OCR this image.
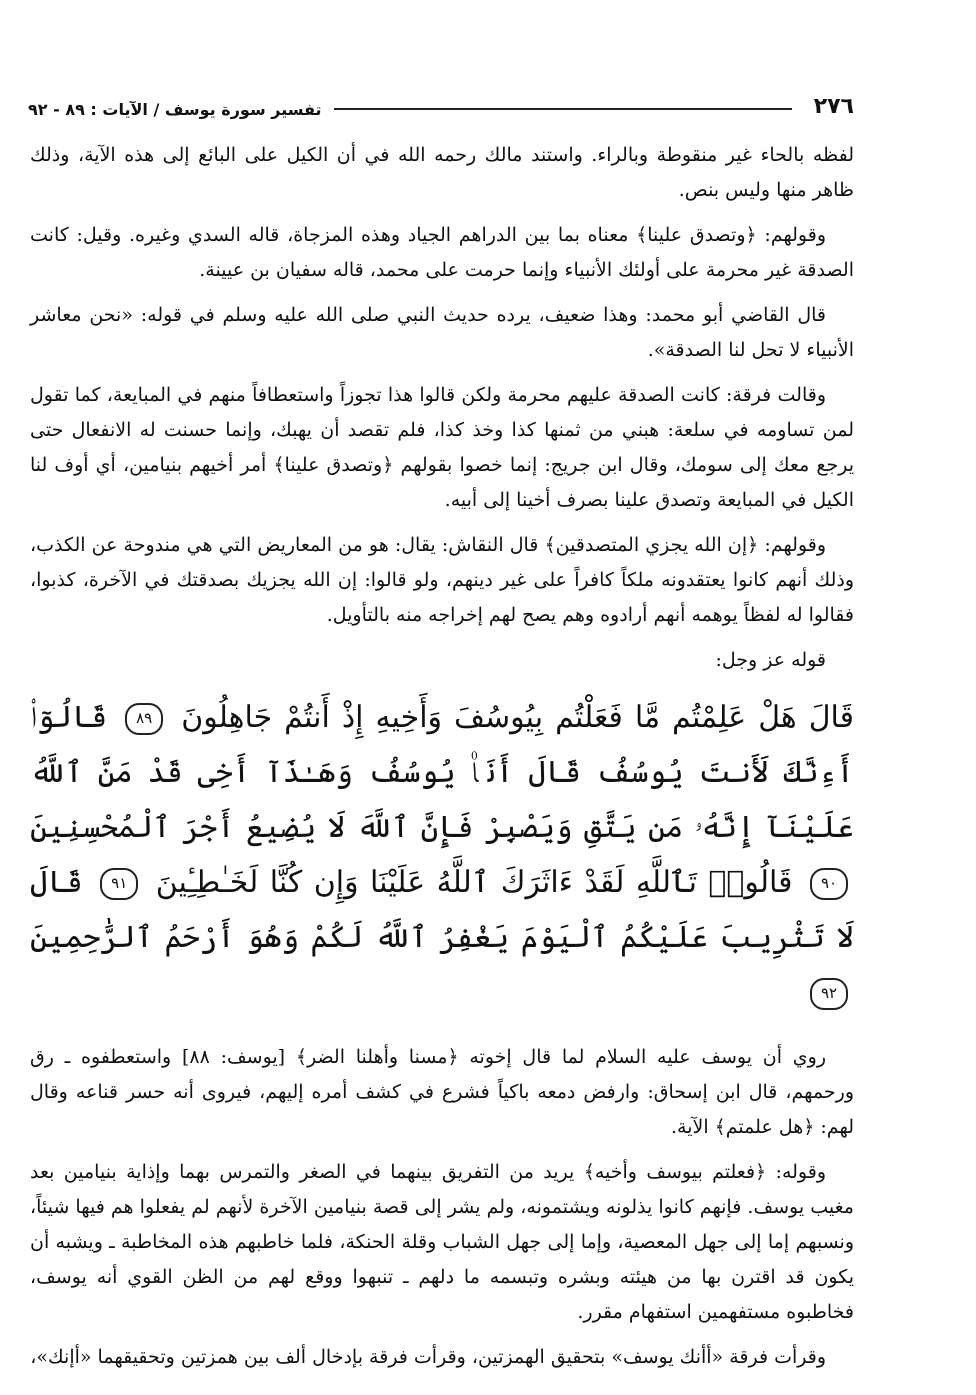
٢٧٦
تفسير سورة يوسف / الآيات : ٨٩ - ٩٢

لفظه بالحاء غير منقوطة وبالراء. واستند مالك رحمه الله في أن الكيل على البائع إلى هذه الآية، وذلك ظاهر منها وليس بنص.

وقولهم: ﴿وتصدق علينا﴾ معناه بما بين الدراهم الجياد وهذه المزجاة، قاله السدي وغيره. وقيل: كانت الصدقة غير محرمة على أولئك الأنبياء وإنما حرمت على محمد، قاله سفيان بن عيينة.

قال القاضي أبو محمد: وهذا ضعيف، يرده حديث النبي صلى الله عليه وسلم في قوله: «نحن معاشر الأنبياء لا تحل لنا الصدقة».

وقالت فرقة: كانت الصدقة عليهم محرمة ولكن قالوا هذا تجوزاً واستعطافاً منهم في المبايعة، كما تقول لمن تساومه في سلعة: هبني من ثمنها كذا وخذ كذا، فلم تقصد أن يهبك، وإنما حسنت له الانفعال حتى يرجع معك إلى سومك، وقال ابن جريج: إنما خصوا بقولهم ﴿وتصدق علينا﴾ أمر أخيهم بنيامين، أي أوف لنا الكيل في المبايعة وتصدق علينا بصرف أخينا إلى أبيه.

وقولهم: ﴿إن الله يجزي المتصدقين﴾ قال النقاش: يقال: هو من المعاريض التي هي مندوحة عن الكذب، وذلك أنهم كانوا يعتقدونه ملكاً كافراً على غير دينهم، ولو قالوا: إن الله يجزيك بصدقتك في الآخرة، كذبوا، فقالوا له لفظاً يوهمه أنهم أرادوه وهم يصح لهم إخراجه منه بالتأويل.

قوله عز وجل:

قَالَ هَلْ عَلِمْتُم مَّا فَعَلْتُم بِيُوسُفَ وَأَخِيهِ إِذْ أَنتُمْ جَاهِلُونَ ٨٩ قَالُوٓا۟ أَءِنَّكَ لَأَنتَ يُوسُفُ قَالَ أَنَا۠ يُوسُفُ وَهَـٰذَآ أَخِى قَدْ مَنَّ ٱللَّهُ عَلَيْنَآ إِنَّهُۥ مَن يَتَّقِ وَيَصْبِرْ فَإِنَّ ٱللَّهَ لَا يُضِيعُ أَجْرَ ٱلْمُحْسِنِينَ ٩٠ قَالُوا۟ تَٱللَّهِ لَقَدْ ءَاثَرَكَ ٱللَّهُ عَلَيْنَا وَإِن كُنَّا لَخَـٰطِـِٔينَ ٩١ قَالَ لَا تَثْرِيبَ عَلَيْكُمُ ٱلْيَوْمَ يَغْفِرُ ٱللَّهُ لَكُمْ وَهُوَ أَرْحَمُ ٱلرَّٰحِمِينَ ٩٢

روي أن يوسف عليه السلام لما قال إخوته ﴿مسنا وأهلنا الضر﴾ [يوسف: ٨٨] واستعطفوه ـ رق ورحمهم، قال ابن إسحاق: وارفض دمعه باكياً فشرع في كشف أمره إليهم، فيروى أنه حسر قناعه وقال لهم: ﴿هل علمتم﴾ الآية.

وقوله: ﴿فعلتم بيوسف وأخيه﴾ يريد من التفريق بينهما في الصغر والتمرس بهما وإذاية بنيامين بعد مغيب يوسف. فإنهم كانوا يذلونه ويشتمونه، ولم يشر إلى قصة بنيامين الآخرة لأنهم لم يفعلوا هم فيها شيئاً، ونسبهم إما إلى جهل المعصية، وإما إلى جهل الشباب وقلة الحنكة، فلما خاطبهم هذه المخاطبة ـ ويشبه أن يكون قد اقترن بها من هيئته وبشره وتبسمه ما دلهم ـ تنبهوا ووقع لهم من الظن القوي أنه يوسف، فخاطبوه مستفهمين استفهام مقرر.

وقرأت فرقة «أأنك يوسف» بتحقيق الهمزتين، وقرأت فرقة بإدخال ألف بين همزتين وتحقيقهما «أإنك»،
